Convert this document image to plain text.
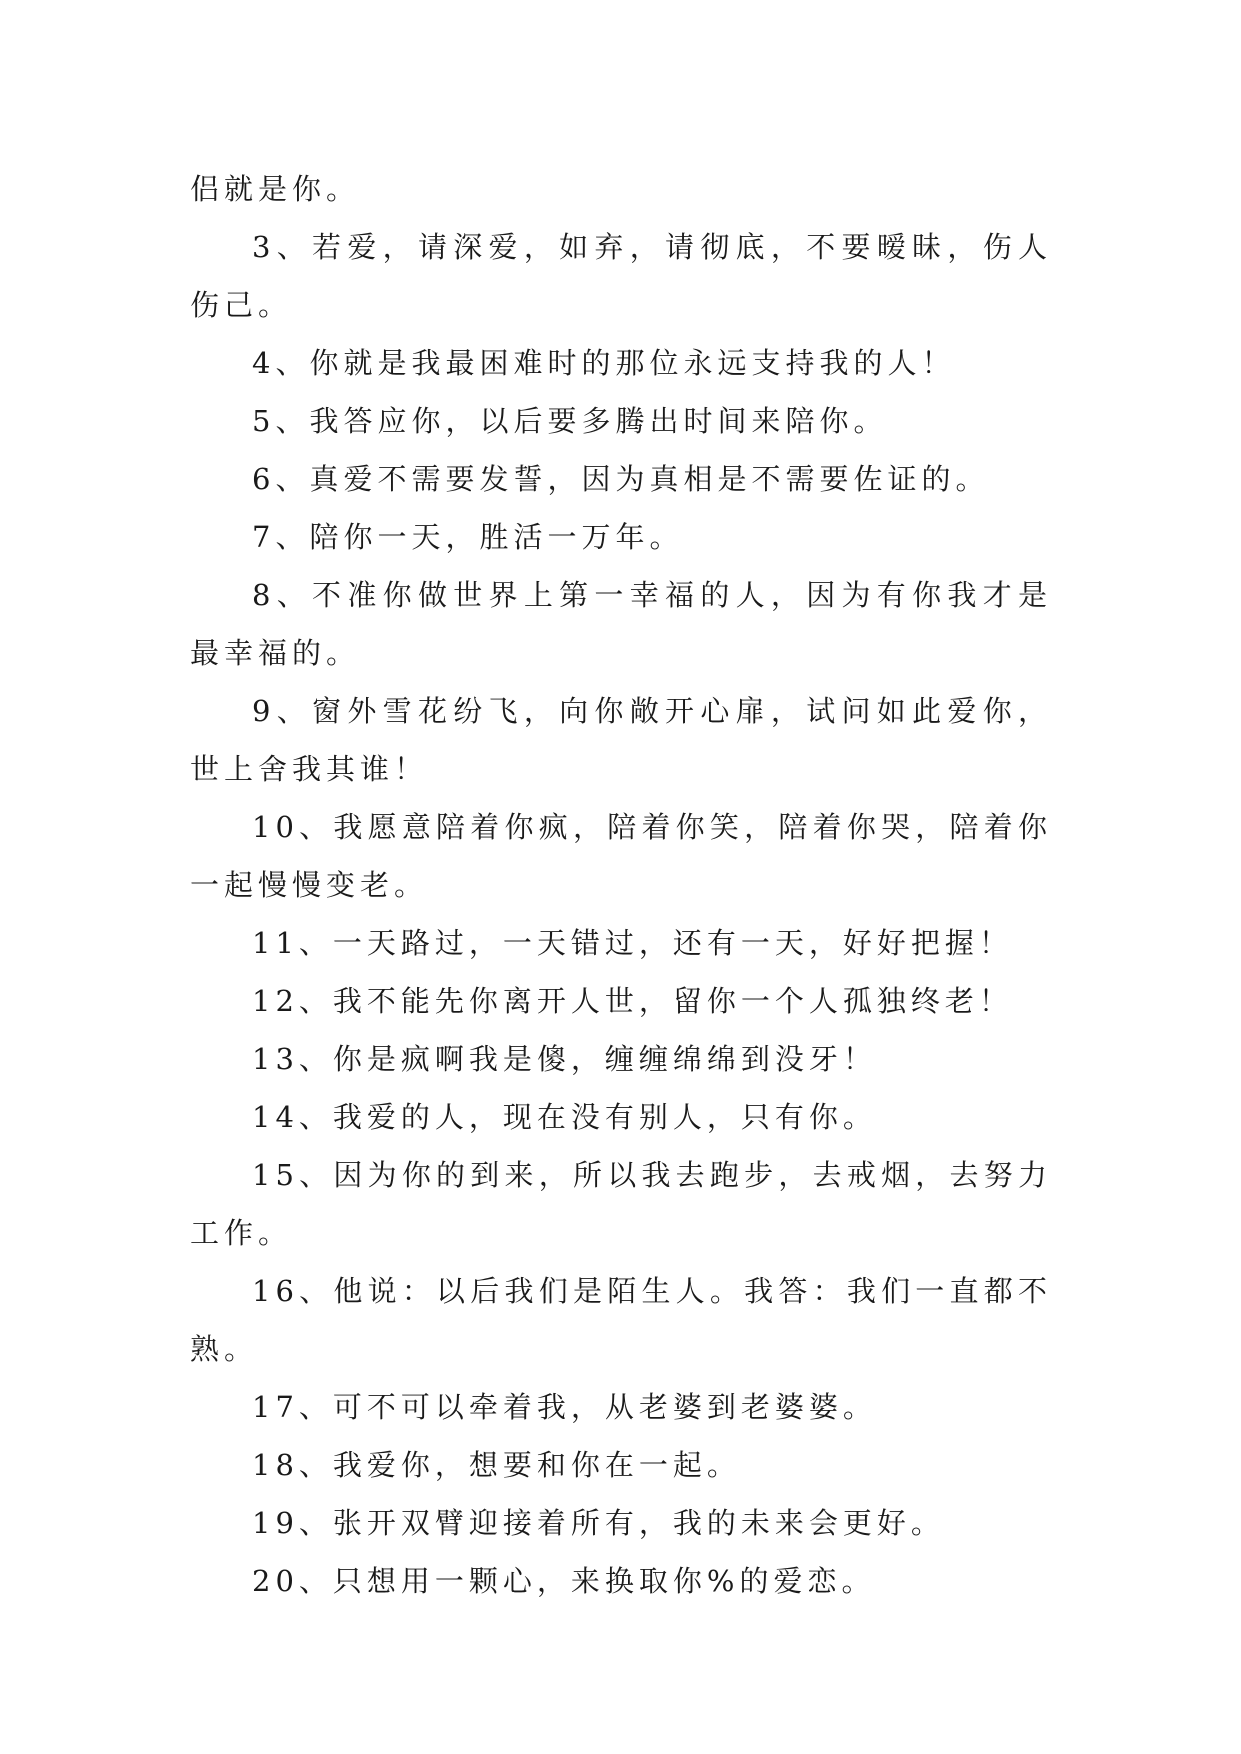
侣就是你。

3、若爱，请深爱，如弃，请彻底，不要暧昧，伤人伤己。

4、你就是我最困难时的那位永远支持我的人！

5、我答应你，以后要多腾出时间来陪你。

6、真爱不需要发誓，因为真相是不需要佐证的。

7、陪你一天，胜活一万年。

8、不准你做世界上第一幸福的人，因为有你我才是最幸福的。

9、窗外雪花纷飞，向你敞开心扉，试问如此爱你，世上舍我其谁！

10、我愿意陪着你疯，陪着你笑，陪着你哭，陪着你一起慢慢变老。

11、一天路过，一天错过，还有一天，好好把握！

12、我不能先你离开人世，留你一个人孤独终老！

13、你是疯啊我是傻，缠缠绵绵到没牙！

14、我爱的人，现在没有别人，只有你。

15、因为你的到来，所以我去跑步，去戒烟，去努力工作。

16、他说：以后我们是陌生人。我答：我们一直都不熟。

17、可不可以牵着我，从老婆到老婆婆。

18、我爱你，想要和你在一起。

19、张开双臂迎接着所有，我的未来会更好。

20、只想用一颗心，来换取你%的爱恋。
